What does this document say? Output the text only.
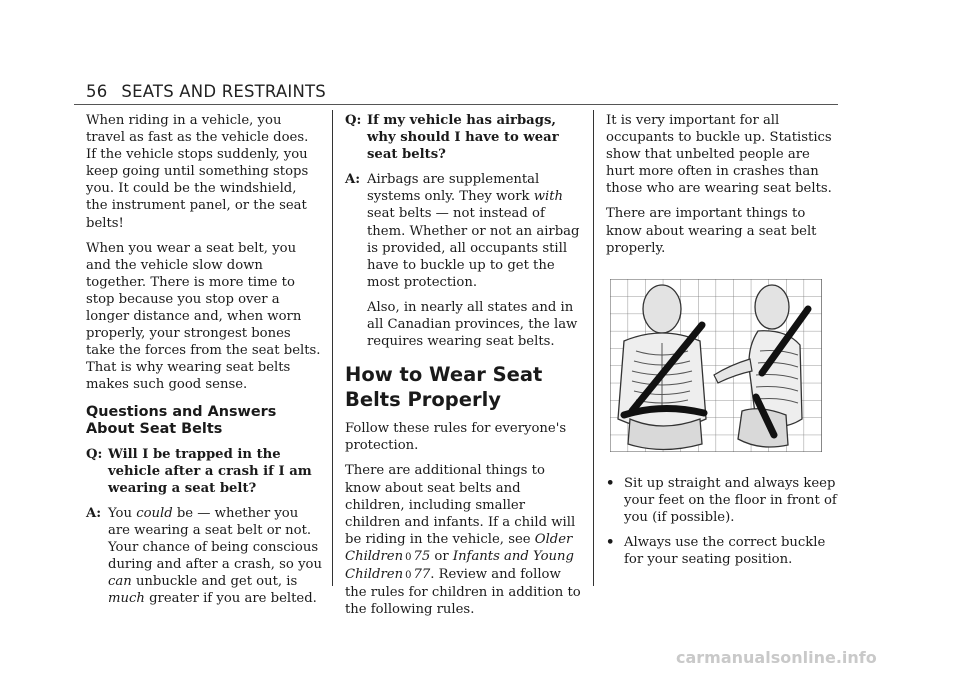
56 SEATS AND RESTRAINTS

When riding in a vehicle, you travel as fast as the vehicle does. If the vehicle stops suddenly, you keep going until something stops you. It could be the windshield, the instrument panel, or the seat belts!

When you wear a seat belt, you and the vehicle slow down together. There is more time to stop because you stop over a longer distance and, when worn properly, your strongest bones take the forces from the seat belts. That is why wearing seat belts makes such good sense.

Questions and Answers About Seat Belts
Q: Will I be trapped in the vehicle after a crash if I am wearing a seat belt?
A: You could be — whether you are wearing a seat belt or not. Your chance of being conscious during and after a crash, so you can unbuckle and get out, is much greater if you are belted.
Q: If my vehicle has airbags, why should I have to wear seat belts?
A: Airbags are supplemental systems only. They work with seat belts — not instead of them. Whether or not an airbag is provided, all occupants still have to buckle up to get the most protection.

Also, in nearly all states and in all Canadian provinces, the law requires wearing seat belts.

How to Wear Seat Belts Properly

Follow these rules for everyone's protection.

There are additional things to know about seat belts and children, including smaller children and infants. If a child will be riding in the vehicle, see Older Children 0 75 or Infants and Young Children 0 77. Review and follow the rules for children in addition to the following rules.

It is very important for all occupants to buckle up. Statistics show that unbelted people are hurt more often in crashes than those who are wearing seat belts.

There are important things to know about wearing a seat belt properly.

• Sit up straight and always keep your feet on the floor in front of you (if possible).
• Always use the correct buckle for your seating position.
carmanualsonline.info
